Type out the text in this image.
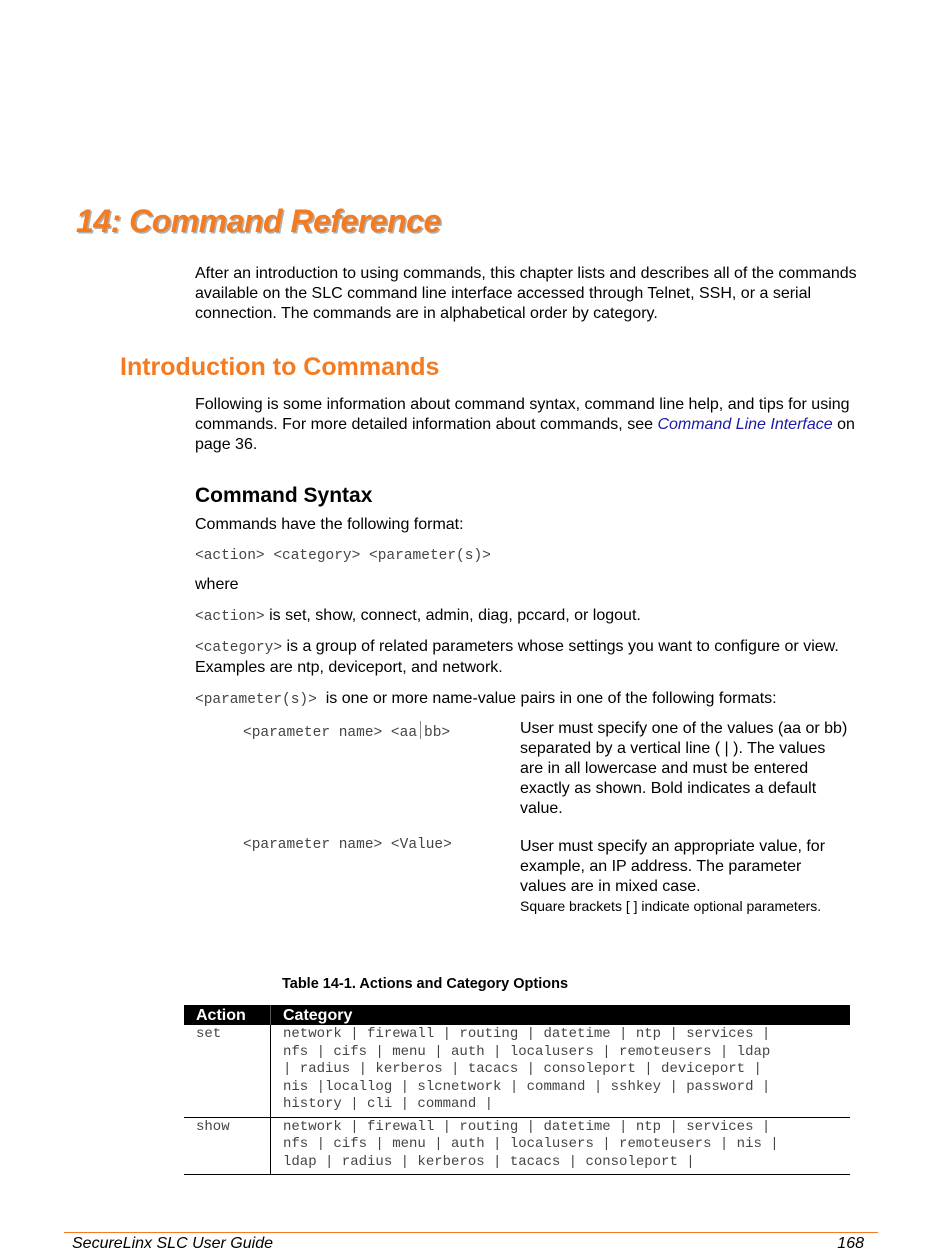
14: Command Reference

After an introduction to using commands, this chapter lists and describes all of the commands available on the SLC command line interface accessed through Telnet, SSH, or a serial connection. The commands are in alphabetical order by category.

Introduction to Commands

Following is some information about command syntax, command line help, and tips for using commands. For more detailed information about commands, see Command Line Interface on page 36.

Command Syntax

Commands have the following format:

<action> <category> <parameter(s)>

where

<action> is set, show, connect, admin, diag, pccard, or logout.

<category> is a group of related parameters whose settings you want to configure or view. Examples are ntp, deviceport, and network.

<parameter(s)>  is one or more name-value pairs in one of the following formats:

<parameter name> <aa bb>	User must specify one of the values (aa or bb) separated by a vertical line ( | ). The values are in all lowercase and must be entered exactly as shown. Bold indicates a default value.

<parameter name> <Value>	User must specify an appropriate value, for example, an IP address. The parameter values are in mixed case.
Square brackets [ ] indicate optional parameters.

Table 14-1. Actions and Category Options

Action	Category
set	network | firewall | routing | datetime | ntp | services |
nfs | cifs | menu | auth | localusers | remoteusers | ldap
| radius | kerberos | tacacs | consoleport | deviceport |
nis |locallog | slcnetwork | command | sshkey | password |
history | cli | command |

show	network | firewall | routing | datetime | ntp | services |
nfs | cifs | menu | auth | localusers | remoteusers | nis |
ldap | radius | kerberos | tacacs | consoleport |
SecureLinx SLC User Guide	168
